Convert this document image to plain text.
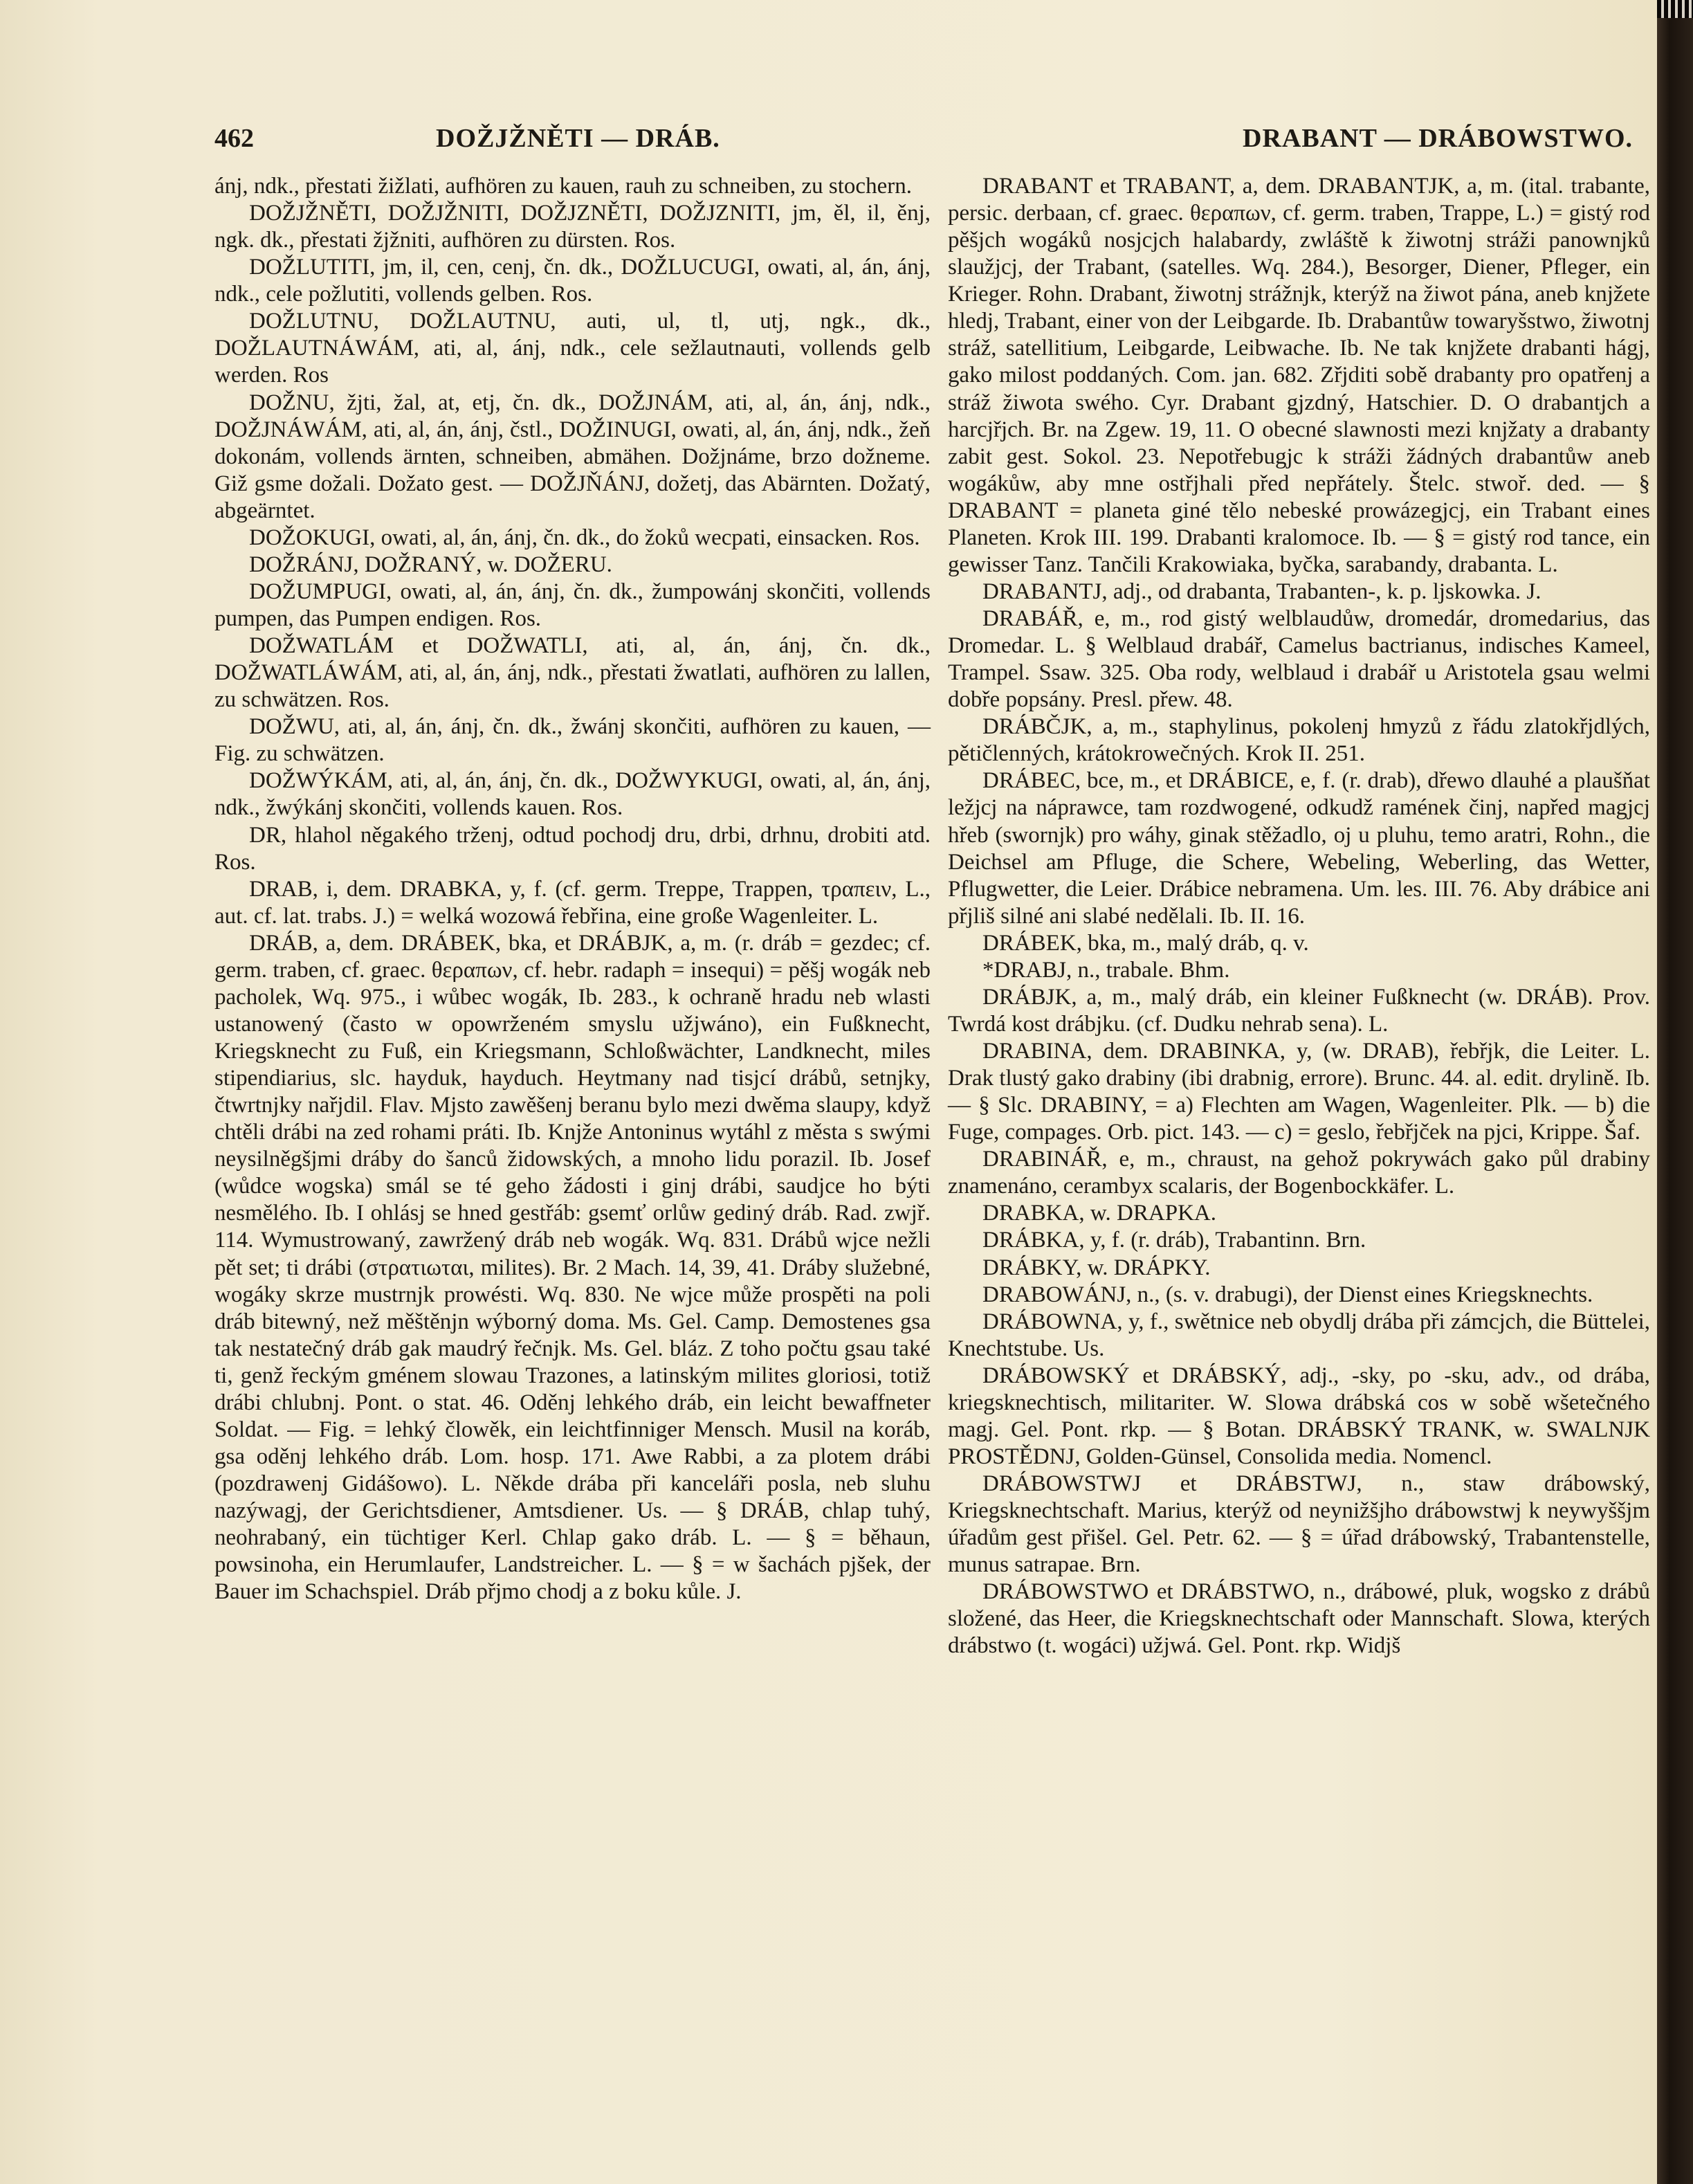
462	DOŽJŽNĚTI — DRÁB.	DRABANT — DRÁBOWSTWO.

ánj, ndk., přestati žižlati, aufhören zu kauen, rauh zu schneiben, zu stochern.

DOŽJŽNĚTI, DOŽJŽNITI, DOŽJZNĚTI, DOŽJZNITI, jm, ěl, il, ěnj, ngk. dk., přestati žjžniti, aufhören zu dürsten. Ros.

DOŽLUTITI, jm, il, cen, cenj, čn. dk., DOŽLUCUGI, owati, al, án, ánj, ndk., cele požlutiti, vollends gelben. Ros.

DOŽLUTNU, DOŽLAUTNU, auti, ul, tl, utj, ngk., dk., DOŽLAUTNÁWÁM, ati, al, ánj, ndk., cele sežlautnauti, vollends gelb werden. Ros

DOŽNU, žjti, žal, at, etj, čn. dk., DOŽJNÁM, ati, al, án, ánj, ndk., DOŽJNÁWÁM, ati, al, án, ánj, čstl., DOŽINUGI, owati, al, án, ánj, ndk., žeň dokonám, vollends ärnten, schneiben, abmähen. Dožjnáme, brzo dožneme. Giž gsme dožali. Dožato gest. — DOŽJŇÁNJ, dožetj, das Abärnten. Dožatý, abgeärntet.

DOŽOKUGI, owati, al, án, ánj, čn. dk., do žoků wecpati, einsacken. Ros.

DOŽRÁNJ, DOŽRANÝ, w. DOŽERU.

DOŽUMPUGI, owati, al, án, ánj, čn. dk., žumpowánj skončiti, vollends pumpen, das Pumpen endigen. Ros.

DOŽWATLÁM et DOŽWATLI, ati, al, án, ánj, čn. dk., DOŽWATLÁWÁM, ati, al, án, ánj, ndk., přestati žwatlati, aufhören zu lallen, zu schwätzen. Ros.

DOŽWU, ati, al, án, ánj, čn. dk., žwánj skončiti, aufhören zu kauen, — Fig. zu schwätzen.

DOŽWÝKÁM, ati, al, án, ánj, čn. dk., DOŽWYKUGI, owati, al, án, ánj, ndk., žwýkánj skončiti, vollends kauen. Ros.

DR, hlahol něgakého trženj, odtud pochodj dru, drbi, drhnu, drobiti atd. Ros.

DRAB, i, dem. DRABKA, y, f. (cf. germ. Treppe, Trappen, τραπειν, L., aut. cf. lat. trabs. J.) = welká wozowá řebřina, eine große Wagenleiter. L.

DRÁB, a, dem. DRÁBEK, bka, et DRÁBJK, a, m. (r. dráb = gezdec; cf. germ. traben, cf. graec. θεραπων, cf. hebr. radaph = insequi) = pěšj wogák neb pacholek, Wq. 975., i wůbec wogák, Ib. 283., k ochraně hradu neb wlasti ustanowený (často w opowrženém smyslu užjwáno), ein Fußknecht, Kriegsknecht zu Fuß, ein Kriegsmann, Schloßwächter, Landknecht, miles stipendiarius, slc. hayduk, hayduch. Heytmany nad tisjcí drábů, setnjky, čtwrtnjky nařjdil. Flav. Mjsto zawěšenj beranu bylo mezi dwěma slaupy, když chtěli drábi na zed rohami práti. Ib. Knjže Antoninus wytáhl z města s swými neysilněgšjmi dráby do šanců židowských, a mnoho lidu porazil. Ib. Josef (wůdce wogska) smál se té geho žádosti i ginj drábi, saudjce ho býti nesmělého. Ib. I ohlásj se hned gestřáb: gsemť orlůw gediný dráb. Rad. zwjř. 114. Wymustrowaný, zawržený dráb neb wogák. Wq. 831. Drábů wjce nežli pět set; ti drábi (στρατιωται, milites). Br. 2 Mach. 14, 39, 41. Dráby služebné, wogáky skrze mustrnjk prowésti. Wq. 830. Ne wjce může prospěti na poli dráb bitewný, než měštěnjn wýborný doma. Ms. Gel. Camp. Demostenes gsa tak nestatečný dráb gak maudrý řečnjk. Ms. Gel. bláz. Z toho počtu gsau také ti, genž řeckým gménem slowau Trazones, a latinským milites gloriosi, totiž drábi chlubnj. Pont. o stat. 46. Oděnj lehkého dráb, ein leicht bewaffneter Soldat. — Fig. = lehký člowěk, ein leichtfinniger Mensch. Musil na koráb, gsa oděnj lehkého dráb. Lom. hosp. 171. Awe Rabbi, a za plotem drábi (pozdrawenj Gidášowo). L. Někde drába při kanceláři posla, neb sluhu nazýwagj, der Gerichtsdiener, Amtsdiener. Us. — § DRÁB, chlap tuhý, neohrabaný, ein tüchtiger Kerl. Chlap gako dráb. L. — § = běhaun, powsinoha, ein Herumlaufer, Landstreicher. L. — § = w šachách pjšek, der Bauer im Schachspiel. Dráb přjmo chodj a z boku kůle. J.

DRABANT et TRABANT, a, dem. DRABANTJK, a, m. (ital. trabante, persic. derbaan, cf. graec. θεραπων, cf. germ. traben, Trappe, L.) = gistý rod pěšjch wogáků nosjcjch halabardy, zwláště k žiwotnj stráži panownjků slaužjcj, der Trabant, (satelles. Wq. 284.), Besorger, Diener, Pfleger, ein Krieger. Rohn. Drabant, žiwotnj strážnjk, kterýž na žiwot pána, aneb knjžete hledj, Trabant, einer von der Leibgarde. Ib. Drabantůw towaryšstwo, žiwotnj stráž, satellitium, Leibgarde, Leibwache. Ib. Ne tak knjžete drabanti hágj, gako milost poddaných. Com. jan. 682. Zřjditi sobě drabanty pro opatřenj a stráž žiwota swého. Cyr. Drabant gjzdný, Hatschier. D. O drabantjch a harcjřjch. Br. na Zgew. 19, 11. O obecné slawnosti mezi knjžaty a drabanty zabit gest. Sokol. 23. Nepotřebugjc k stráži žádných drabantůw aneb wogákůw, aby mne ostřjhali před nepřátely. Štelc. stwoř. ded. — § DRABANT = planeta giné tělo nebeské prowázegjcj, ein Trabant eines Planeten. Krok III. 199. Drabanti kralomoce. Ib. — § = gistý rod tance, ein gewisser Tanz. Tančili Krakowiaka, byčka, sarabandy, drabanta. L.

DRABANTJ, adj., od drabanta, Trabanten-, k. p. ljskowka. J.

DRABÁŘ, e, m., rod gistý welblaudůw, dromedár, dromedarius, das Dromedar. L. § Welblaud drabář, Camelus bactrianus, indisches Kameel, Trampel. Ssaw. 325. Oba rody, welblaud i drabář u Aristotela gsau welmi dobře popsány. Presl. přew. 48.

DRÁBČJK, a, m., staphylinus, pokolenj hmyzů z řádu zlatokřjdlých, pětičlenných, krátokrowečných. Krok II. 251.

DRÁBEC, bce, m., et DRÁBICE, e, f. (r. drab), dřewo dlauhé a plaušňat ležjcj na náprawce, tam rozdwogené, odkudž ramének činj, napřed magjcj hřeb (swornjk) pro wáhy, ginak stěžadlo, oj u pluhu, temo aratri, Rohn., die Deichsel am Pfluge, die Schere, Webeling, Weberling, das Wetter, Pflugwetter, die Leier. Drábice nebramena. Um. les. III. 76. Aby drábice ani přjliš silné ani slabé nedělali. Ib. II. 16.

DRÁBEK, bka, m., malý dráb, q. v.

*DRABJ, n., trabale. Bhm.

DRÁBJK, a, m., malý dráb, ein kleiner Fußknecht (w. DRÁB). Prov. Twrdá kost drábjku. (cf. Dudku nehrab sena). L.

DRABINA, dem. DRABINKA, y, (w. DRAB), řebřjk, die Leiter. L. Drak tlustý gako drabiny (ibi drabnig, errore). Brunc. 44. al. edit. drylině. Ib. — § Slc. DRABINY, = a) Flechten am Wagen, Wagenleiter. Plk. — b) die Fuge, compages. Orb. pict. 143. — c) = geslo, řebřjček na pjci, Krippe. Šaf.

DRABINÁŘ, e, m., chraust, na gehož pokrywách gako půl drabiny znamenáno, cerambyx scalaris, der Bogenbockkäfer. L.

DRABKA, w. DRAPKA.

DRÁBKA, y, f. (r. dráb), Trabantinn. Brn.

DRÁBKY, w. DRÁPKY.

DRABOWÁNJ, n., (s. v. drabugi), der Dienst eines Kriegsknechts.

DRÁBOWNA, y, f., swětnice neb obydlj drába při zámcjch, die Büttelei, Knechtstube. Us.

DRÁBOWSKÝ et DRÁBSKÝ, adj., -sky, po -sku, adv., od drába, kriegsknechtisch, militariter. W. Slowa drábská cos w sobě wšetečného magj. Gel. Pont. rkp. — § Botan. DRÁBSKÝ TRANK, w. SWALNJK PROSTĚDNJ, Golden-Günsel, Consolida media. Nomencl.

DRÁBOWSTWJ et DRÁBSTWJ, n., staw drábowský, Kriegsknechtschaft. Marius, kterýž od neynižšjho drábowstwj k neywyššjm úřadům gest přišel. Gel. Petr. 62. — § = úřad drábowský, Trabantenstelle, munus satrapae. Brn.

DRÁBOWSTWO et DRÁBSTWO, n., drábowé, pluk, wogsko z drábů složené, das Heer, die Kriegsknechtschaft oder Mannschaft. Slowa, kterých drábstwo (t. wogáci) užjwá. Gel. Pont. rkp. Widjš
